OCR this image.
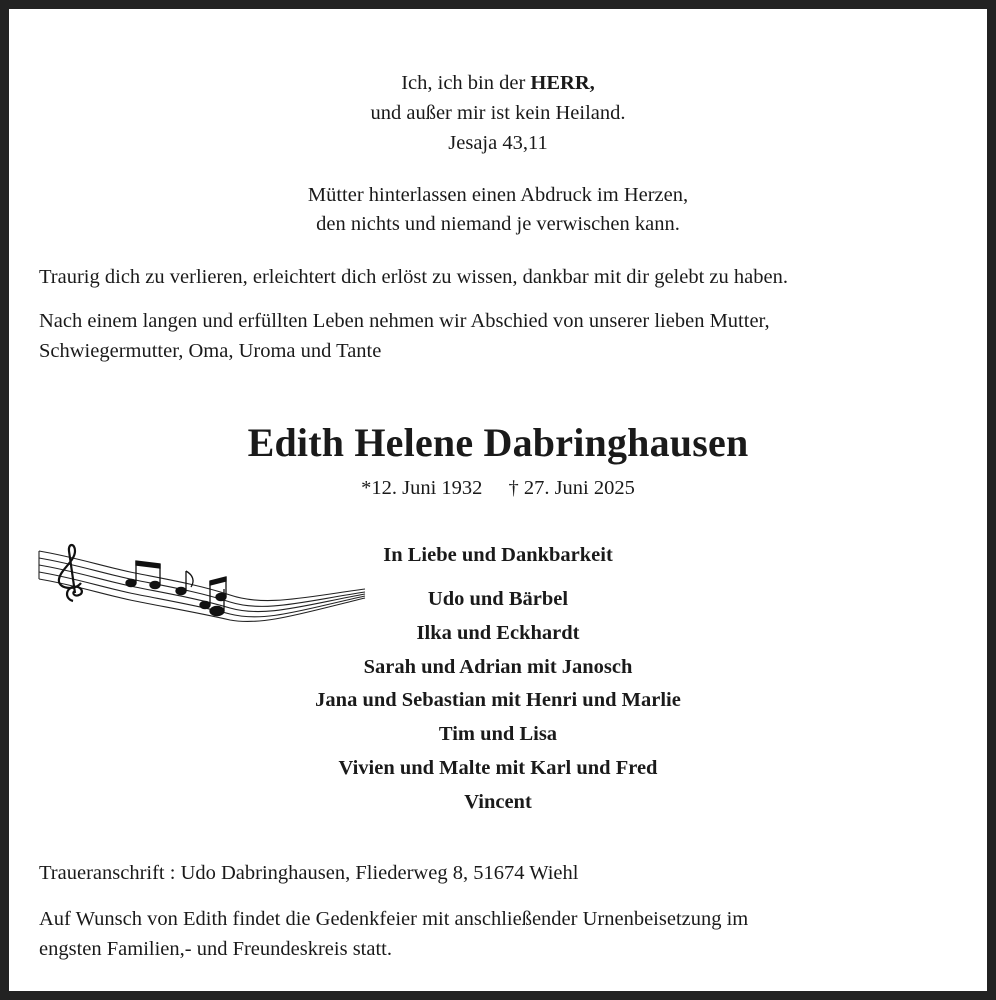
Ich, ich bin der HERR,
und außer mir ist kein Heiland.
Jesaja 43,11
Mütter hinterlassen einen Abdruck im Herzen,
den nichts und niemand je verwischen kann.
Traurig dich zu verlieren, erleichtert dich erlöst zu wissen, dankbar mit dir gelebt zu haben.
Nach einem langen und erfüllten Leben nehmen wir Abschied von unserer lieben Mutter,
Schwiegermutter, Oma, Uroma und Tante
Edith Helene Dabringhausen
*12. Juni 1932 † 27. Juni 2025
In Liebe und Dankbarkeit
Udo und Bärbel
Ilka und Eckhardt
Sarah und Adrian mit Janosch
Jana und Sebastian mit Henri und Marlie
Tim und Lisa
Vivien und Malte mit Karl und Fred
Vincent
Traueranschrift : Udo Dabringhausen, Fliederweg 8, 51674 Wiehl
Auf Wunsch von Edith findet die Gedenkfeier mit anschließender Urnenbeisetzung im
engsten Familien,- und Freundeskreis statt.
